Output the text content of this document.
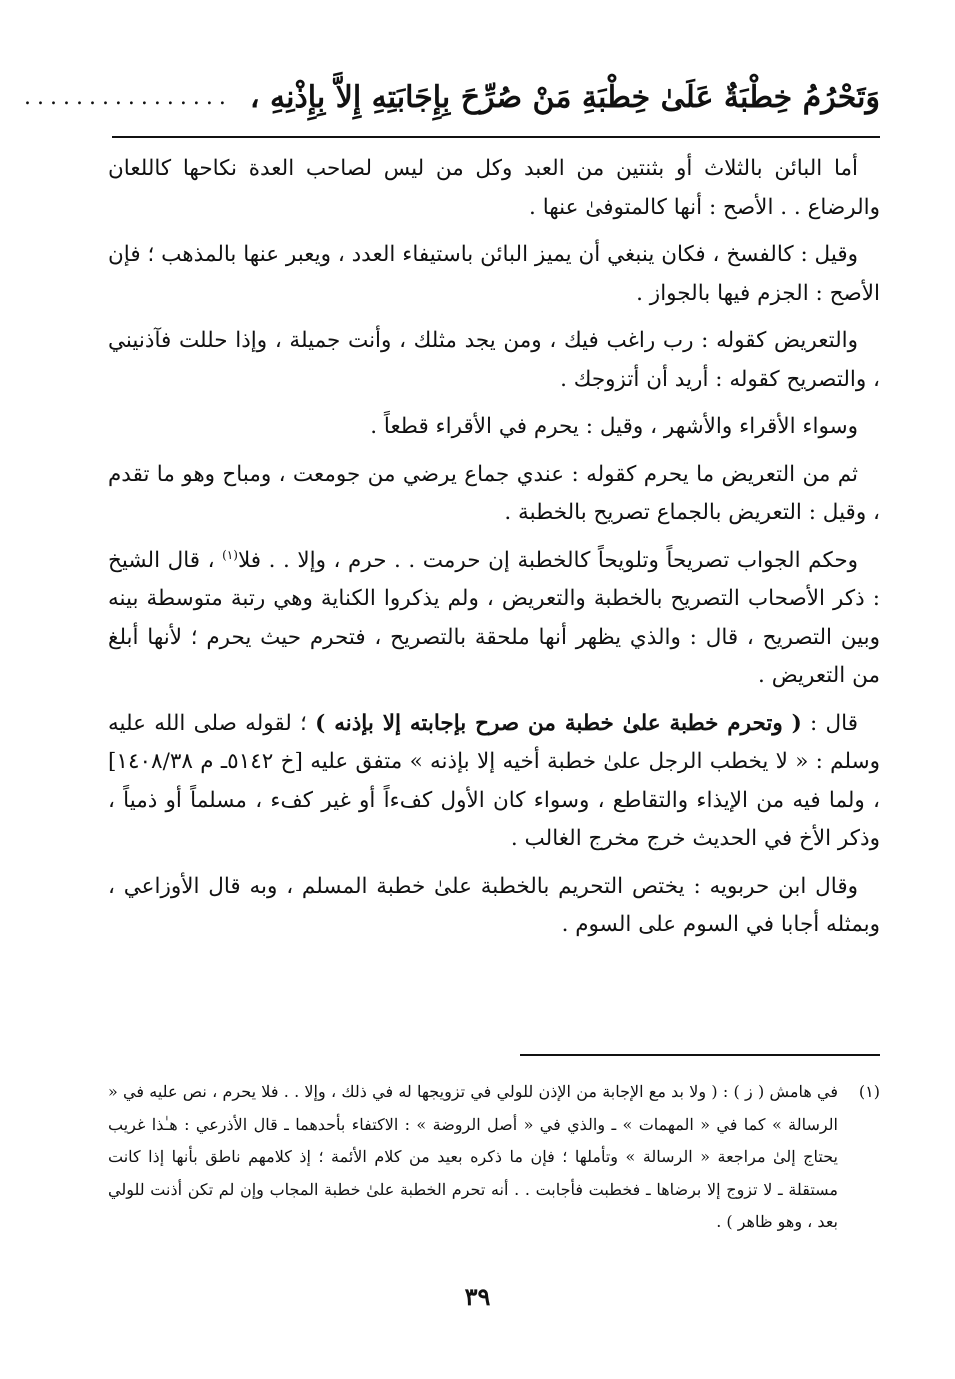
وَتَحْرُمُ خِطْبَةٌ عَلَىٰ خِطْبَةِ مَنْ صُرِّحَ بِإِجَابَتِهِ إِلاَّ بِإِذْنِهِ ،
................

أما البائن بالثلاث أو بثنتين من العبد وكل من ليس لصاحب العدة نكاحها كاللعان والرضاع . . الأصح : أنها كالمتوفىٰ عنها .

وقيل : كالفسخ ، فكان ينبغي أن يميز البائن باستيفاء العدد ، ويعبر عنها بالمذهب ؛ فإن الأصح : الجزم فيها بالجواز .

والتعريض كقوله : رب راغب فيك ، ومن يجد مثلك ، وأنت جميلة ، وإذا حللت فآذنيني ، والتصريح كقوله : أريد أن أتزوجك .

وسواء الأقراء والأشهر ، وقيل : يحرم في الأقراء قطعاً .

ثم من التعريض ما يحرم كقوله : عندي جماع يرضي من جومعت ، ومباح وهو ما تقدم ، وقيل : التعريض بالجماع تصريح بالخطبة .

وحكم الجواب تصريحاً وتلويحاً كالخطبة إن حرمت . . حرم ، وإلا . . فلا$^{(١)}$ ، قال الشيخ : ذكر الأصحاب التصريح بالخطبة والتعريض ، ولم يذكروا الكناية وهي رتبة متوسطة بينه وبين التصريح ، قال : والذي يظهر أنها ملحقة بالتصريح ، فتحرم حيث يحرم ؛ لأنها أبلغ من التعريض .

قال : ( وتحرم خطبة علىٰ خطبة من صرح بإجابته إلا بإذنه ) ؛ لقوله صلى الله عليه وسلم : « لا يخطب الرجل علىٰ خطبة أخيه إلا بإذنه » متفق عليه [خ ٥١٤٢ـ م ١٤٠٨/٣٨] ، ولما فيه من الإيذاء والتقاطع ، وسواء كان الأول كفءاً أو غير كفء ، مسلماً أو ذمياً ، وذكر الأخ في الحديث خرج مخرج الغالب .

وقال ابن حربويه : يختص التحريم بالخطبة علىٰ خطبة المسلم ، وبه قال الأوزاعي ، وبمثله أجابا في السوم على السوم .

(١)

في هامش ( ز ) : ( ولا بد مع الإجابة من الإذن للولي في تزويجها له في ذلك ، وإلا . . فلا يحرم ، نص عليه في « الرسالة » كما في « المهمات » ـ والذي في « أصل الروضة » : الاكتفاء بأحدهما ـ قال الأذرعي : هـٰذا غريب يحتاج إلىٰ مراجعة « الرسالة » وتأملها ؛ فإن ما ذكره بعيد من كلام الأئمة ؛ إذ كلامهم ناطق بأنها إذا كانت مستقلة ـ لا تزوج إلا برضاها ـ فخطبت فأجابت . . أنه تحرم الخطبة علىٰ خطبة المجاب وإن لم تكن أذنت للولي بعد ، وهو ظاهر ) .

٣٩
